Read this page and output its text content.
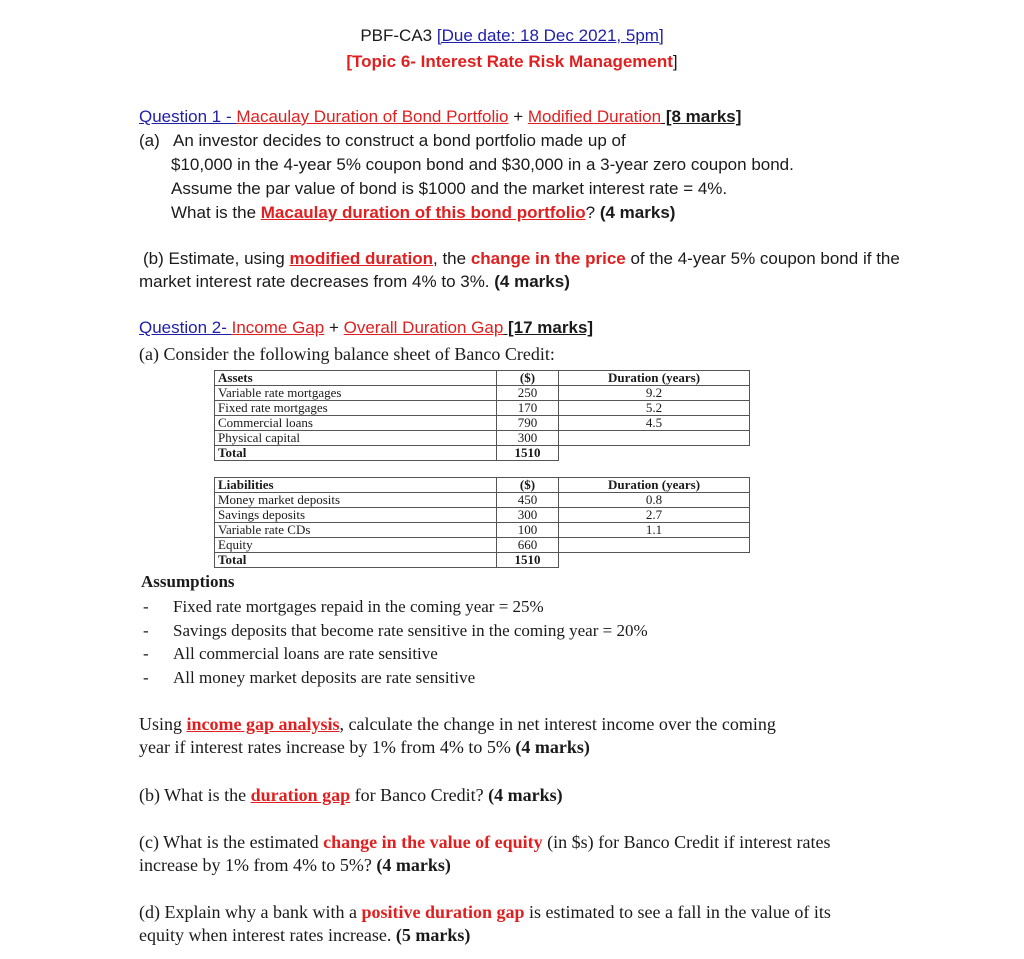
PBF-CA3 [Due date: 18 Dec 2021, 5pm]
[Topic 6- Interest Rate Risk Management]
Question 1 - Macaulay Duration of Bond Portfolio + Modified Duration [8 marks]
(a) An investor decides to construct a bond portfolio made up of
$10,000 in the 4-year 5% coupon bond and $30,000 in a 3-year zero coupon bond.
Assume the par value of bond is $1000 and the market interest rate = 4%.
What is the Macaulay duration of this bond portfolio? (4 marks)
(b) Estimate, using modified duration, the change in the price of the 4-year 5% coupon bond if the
market interest rate decreases from 4% to 3%. (4 marks)
Question 2- Income Gap + Overall Duration Gap [17 marks]
(a) Consider the following balance sheet of Banco Credit:
Assets	($)	Duration (years)
Variable rate mortgages	250	9.2
Fixed rate mortgages	170	5.2
Commercial loans	790	4.5
Physical capital	300	
Total	1510	
Liabilities	($)	Duration (years)
Money market deposits	450	0.8
Savings deposits	300	2.7
Variable rate CDs	100	1.1
Equity	660	
Total	1510	
Assumptions
- Fixed rate mortgages repaid in the coming year = 25%
- Savings deposits that become rate sensitive in the coming year = 20%
- All commercial loans are rate sensitive
- All money market deposits are rate sensitive
Using income gap analysis, calculate the change in net interest income over the coming
year if interest rates increase by 1% from 4% to 5% (4 marks)
(b) What is the duration gap for Banco Credit? (4 marks)
(c) What is the estimated change in the value of equity (in $s) for Banco Credit if interest rates
increase by 1% from 4% to 5%? (4 marks)
(d) Explain why a bank with a positive duration gap is estimated to see a fall in the value of its
equity when interest rates increase. (5 marks)
